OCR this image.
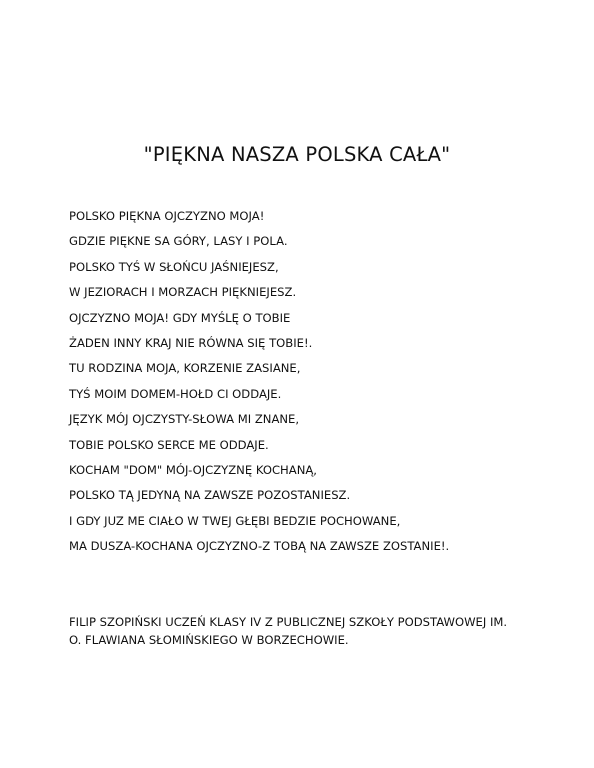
"PIĘKNA NASZA POLSKA CAŁA"
POLSKO PIĘKNA OJCZYZNO MOJA!
GDZIE PIĘKNE SA GÓRY, LASY I POLA.
POLSKO TYŚ W SŁOŃCU JAŚNIEJESZ,
W JEZIORACH I MORZACH PIĘKNIEJESZ.
OJCZYZNO MOJA! GDY MYŚLĘ O TOBIE
ŻADEN INNY KRAJ NIE RÓWNA SIĘ TOBIE!.
TU RODZINA MOJA, KORZENIE ZASIANE,
TYŚ MOIM DOMEM-HOŁD CI ODDAJE.
JĘZYK MÓJ OJCZYSTY-SŁOWA MI ZNANE,
TOBIE POLSKO SERCE ME ODDAJE.
KOCHAM "DOM" MÓJ-OJCZYZNĘ KOCHANĄ,
POLSKO TĄ JEDYNĄ NA ZAWSZE POZOSTANIESZ.
I GDY JUZ ME CIAŁO W TWEJ GŁĘBI BEDZIE POCHOWANE,
MA DUSZA-KOCHANA OJCZYZNO-Z TOBĄ NA ZAWSZE ZOSTANIE!.
FILIP SZOPIŃSKI UCZEŃ KLASY IV Z PUBLICZNEJ SZKOŁY PODSTAWOWEJ IM.
O. FLAWIANA SŁOMIŃSKIEGO W BORZECHOWIE.
